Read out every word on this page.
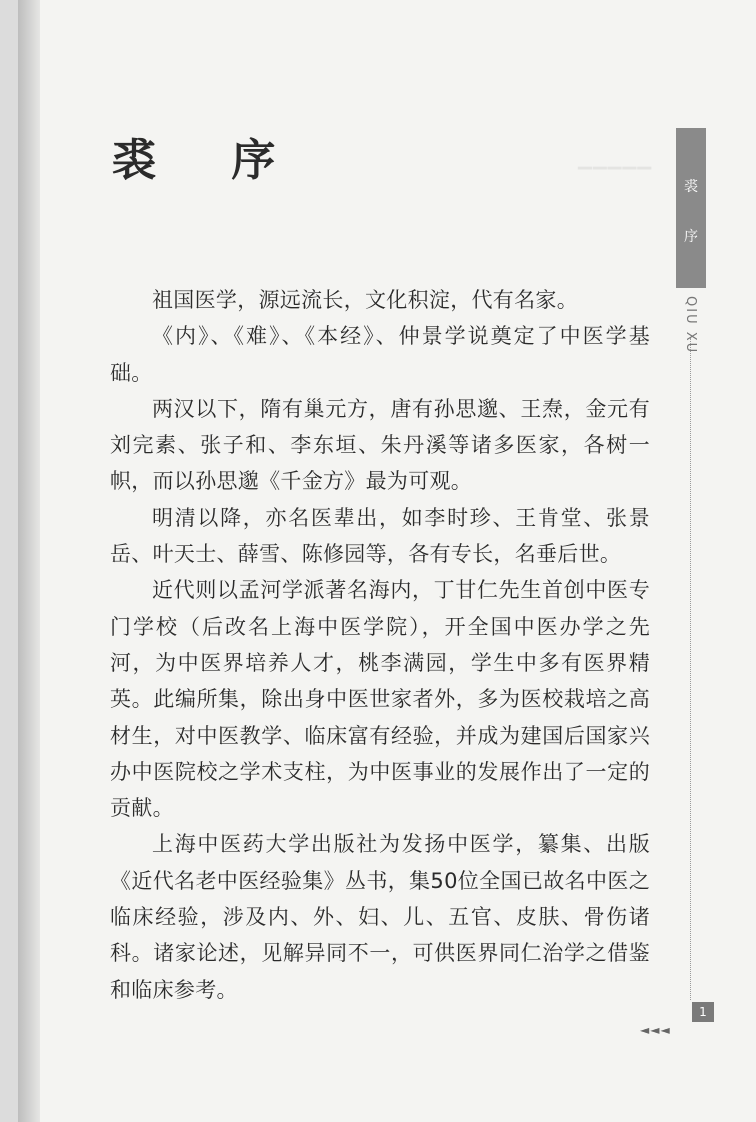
▁▁▁▁▁
裘 序

祖国医学，源远流长，文化积淀，代有名家。

《内》、《难》、《本经》、仲景学说奠定了中医学基础。

两汉以下，隋有巢元方，唐有孙思邈、王焘，金元有刘完素、张子和、李东垣、朱丹溪等诸多医家，各树一帜，而以孙思邈《千金方》最为可观。

明清以降，亦名医辈出，如李时珍、王肯堂、张景岳、叶天士、薛雪、陈修园等，各有专长，名垂后世。

近代则以孟河学派著名海内，丁甘仁先生首创中医专门学校（后改名上海中医学院），开全国中医办学之先河，为中医界培养人才，桃李满园，学生中多有医界精英。此编所集，除出身中医世家者外，多为医校栽培之高材生，对中医教学、临床富有经验，并成为建国后国家兴办中医院校之学术支柱，为中医事业的发展作出了一定的贡献。

上海中医药大学出版社为发扬中医学，纂集、出版《近代名老中医经验集》丛书，集50位全国已故名中医之临床经验，涉及内、外、妇、儿、五官、皮肤、骨伤诸科。诸家论述，见解异同不一，可供医界同仁治学之借鉴和临床参考。

裘
序
QIU XU
1
◄◄◄
